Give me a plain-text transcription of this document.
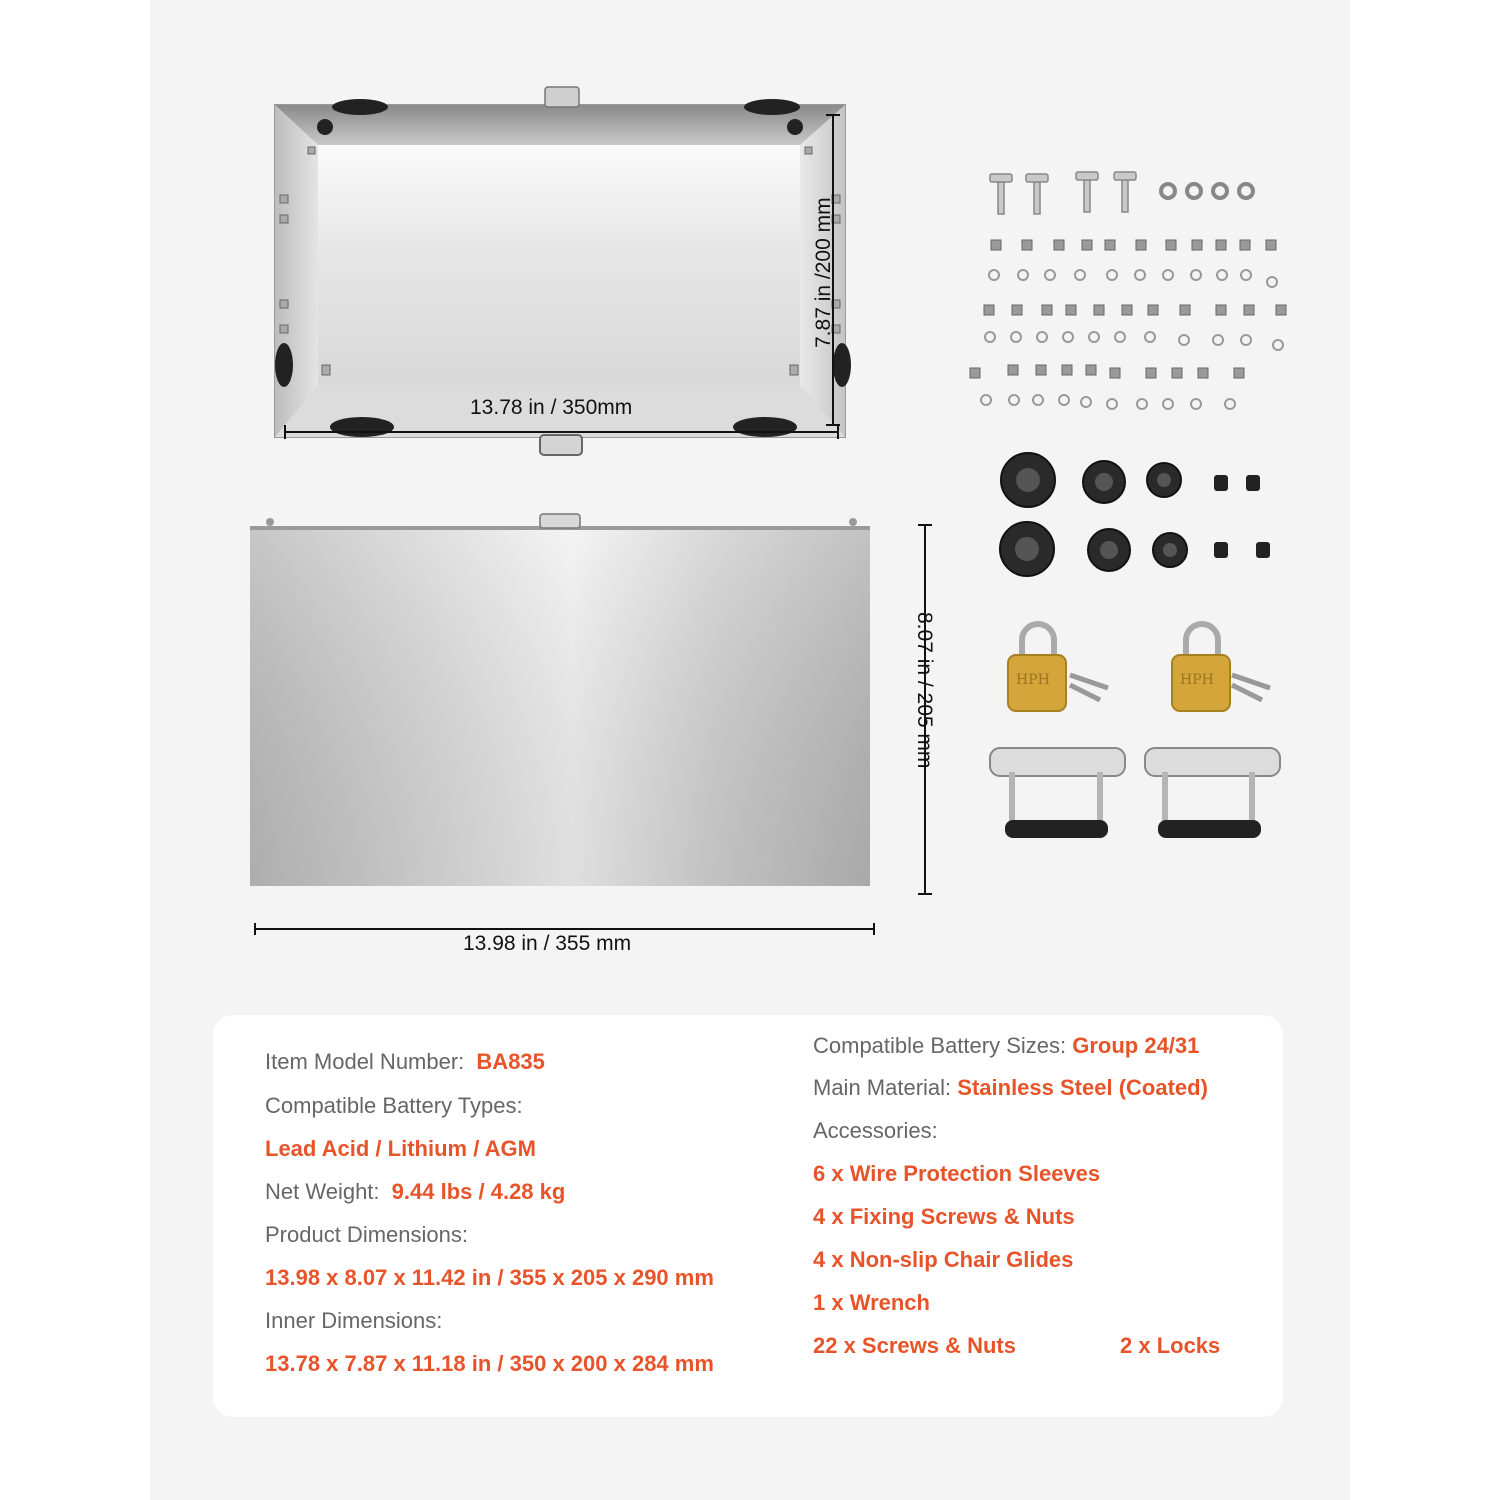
13.78 in / 350mm
7.87 in /200 mm
13.98 in / 355 mm
8.07 in / 205 mm	HPH	HPH
Item Model Number: BA835
Compatible Battery Types:
Lead Acid / Lithium / AGM
Net Weight: 9.44 lbs / 4.28 kg
Product Dimensions:
13.98 x 8.07 x 11.42 in / 355 x 205 x 290 mm
Inner Dimensions:
13.78 x 7.87 x 11.18 in / 350 x 200 x 284 mm
Compatible Battery Sizes: Group 24/31
Main Material: Stainless Steel (Coated)
Accessories:
6 x Wire Protection Sleeves
4 x Fixing Screws & Nuts
4 x Non-slip Chair Glides
1 x Wrench
22 x Screws & Nuts	2 x Locks
